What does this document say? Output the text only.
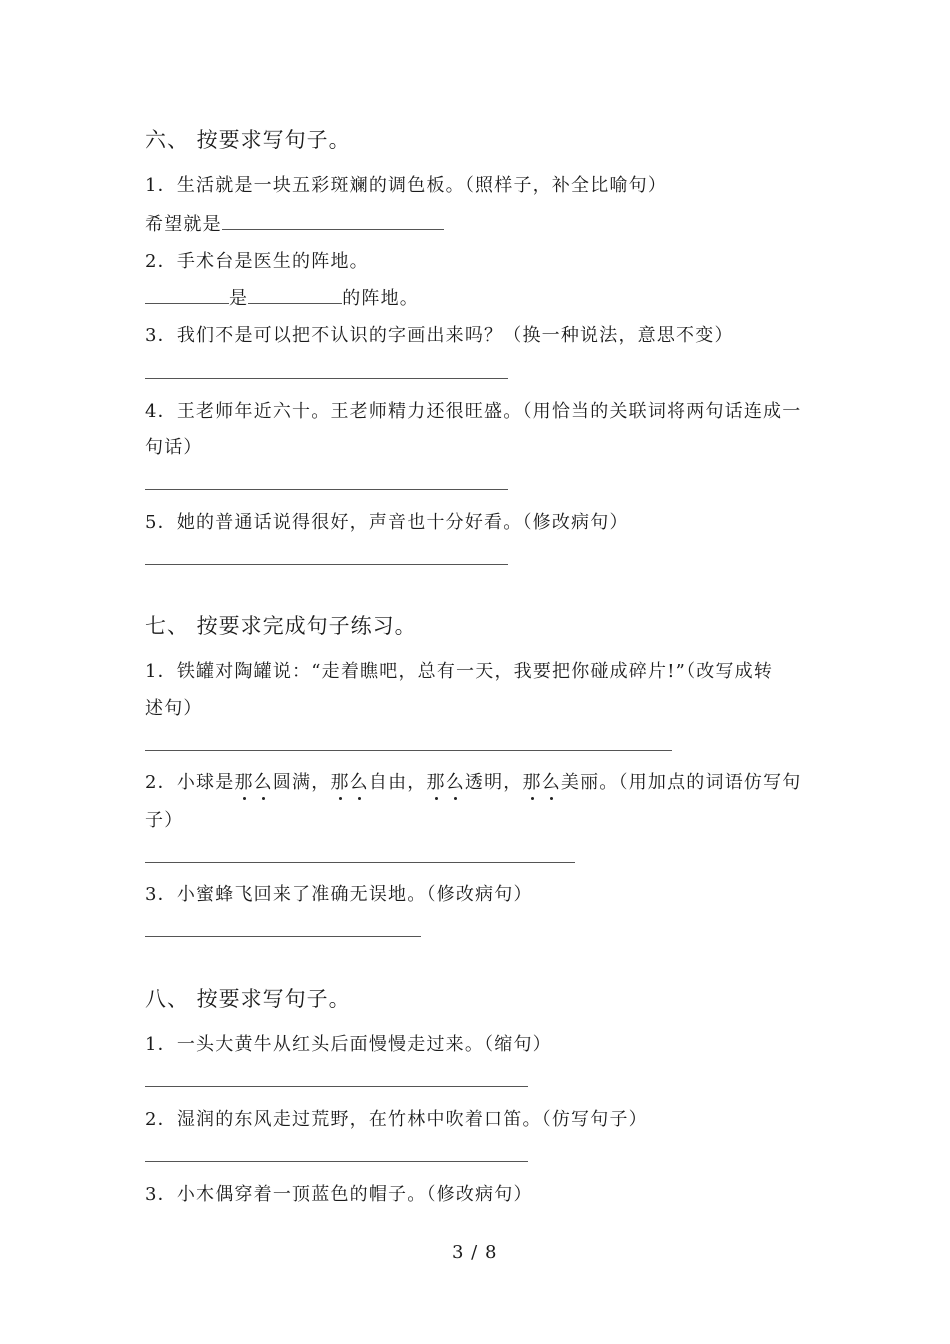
六、 按要求写句子。
1．生活就是一块五彩斑斓的调色板。（照样子，补全比喻句）
希望就是
2．手术台是医生的阵地。
是	的阵地。
3．我们不是可以把不认识的字画出来吗？（换一种说法，意思不变）
4．王老师年近六十。王老师精力还很旺盛。（用恰当的关联词将两句话连成一
句话）
5．她的普通话说得很好，声音也十分好看。（修改病句）
七、 按要求完成句子练习。
1．铁罐对陶罐说：“走着瞧吧，总有一天，我要把你碰成碎片!”（改写成转
述句）
2．小球是那么圆满，那么自由，那么透明，那么美丽。（用加点的词语仿写句
子）
3．小蜜蜂飞回来了准确无误地。（修改病句）
八、 按要求写句子。
1．一头大黄牛从红头后面慢慢走过来。（缩句）
2．湿润的东风走过荒野，在竹林中吹着口笛。（仿写句子）
3．小木偶穿着一顶蓝色的帽子。（修改病句）
3 / 8
